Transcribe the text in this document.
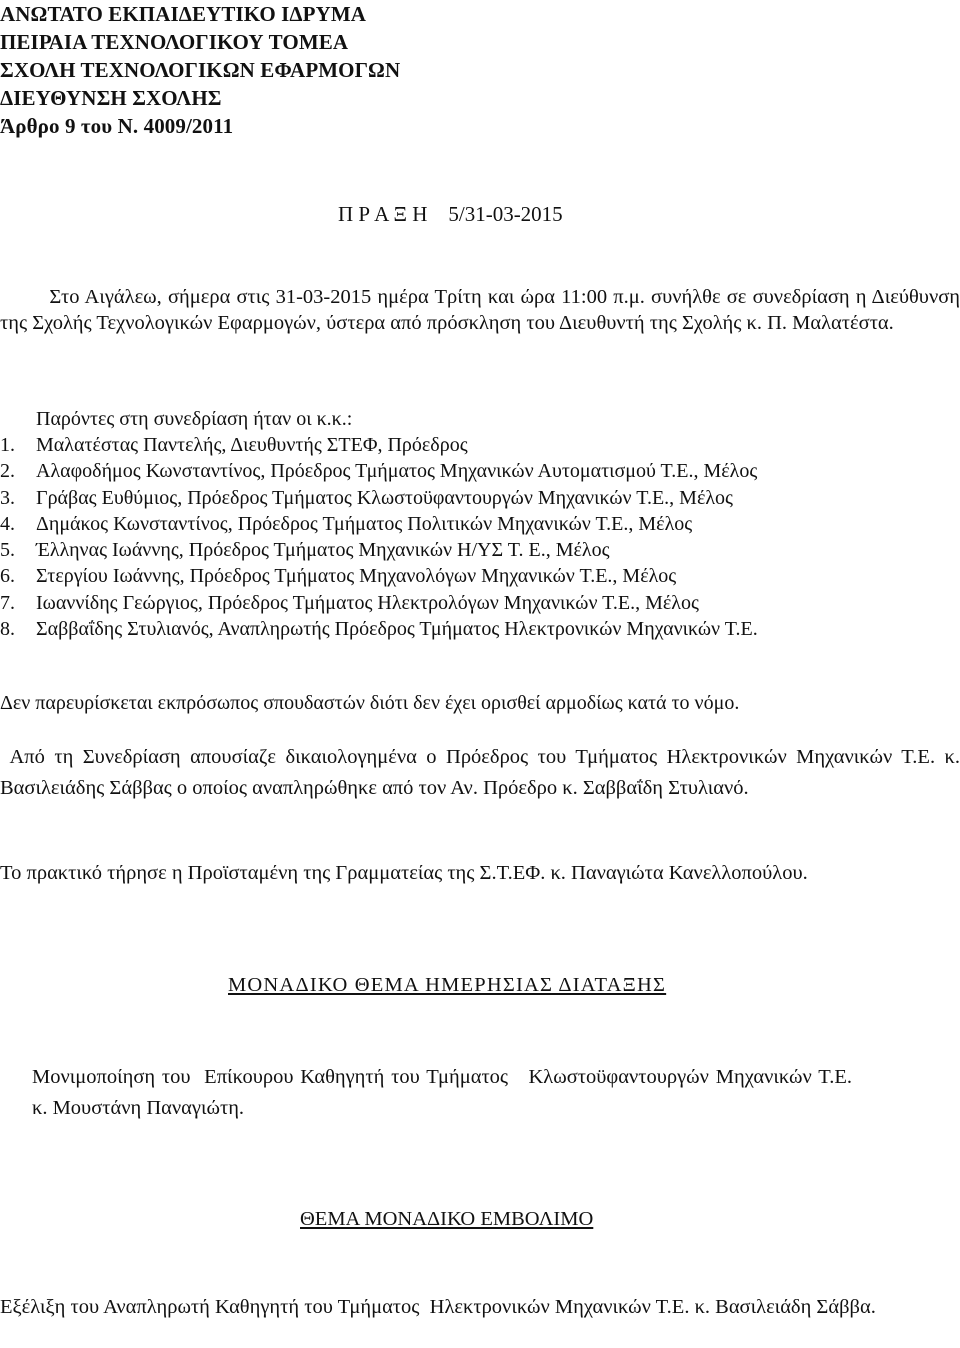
ΑΝΩΤΑΤΟ ΕΚΠΑΙΔΕΥΤΙΚΟ ΙΔΡΥΜΑ
ΠΕΙΡΑΙΑ ΤΕΧΝΟΛΟΓΙΚΟΥ ΤΟΜΕΑ
ΣΧΟΛΗ ΤΕΧΝΟΛΟΓΙΚΩΝ ΕΦΑΡΜΟΓΩΝ
ΔΙΕΥΘΥΝΣΗ ΣΧΟΛΗΣ
Άρθρο 9 του Ν. 4009/2011
Π Ρ Α Ξ Η    5/31-03-2015
Στο Αιγάλεω, σήμερα στις 31-03-2015 ημέρα Τρίτη και ώρα 11:00 π.μ. συνήλθε σε συνεδρίαση η Διεύθυνση της Σχολής Τεχνολογικών Εφαρμογών, ύστερα από πρόσκληση του Διευθυντή της Σχολής κ. Π. Μαλατέστα.
Παρόντες στη συνεδρίαση ήταν οι κ.κ.:
1.	Μαλατέστας Παντελής, Διευθυντής ΣΤΕΦ, Πρόεδρος
2.	Αλαφοδήμος Κωνσταντίνος, Πρόεδρος Τμήματος Μηχανικών Αυτοματισμού Τ.Ε., Μέλος
3.	Γράβας Ευθύμιος, Πρόεδρος Τμήματος Κλωστοϋφαντουργών Μηχανικών Τ.Ε., Μέλος
4.	Δημάκος Κωνσταντίνος, Πρόεδρος Τμήματος Πολιτικών Μηχανικών Τ.Ε., Μέλος
5.	Έλληνας Ιωάννης, Πρόεδρος Τμήματος Μηχανικών Η/ΥΣ Τ. Ε., Μέλος
6.	Στεργίου Ιωάννης, Πρόεδρος Τμήματος Μηχανολόγων Μηχανικών Τ.Ε., Μέλος
7.	Ιωαννίδης Γεώργιος, Πρόεδρος Τμήματος Ηλεκτρολόγων Μηχανικών Τ.Ε., Μέλος
8.	Σαββαΐδης Στυλιανός, Αναπληρωτής Πρόεδρος Τμήματος Ηλεκτρονικών Μηχανικών Τ.Ε.
Δεν παρευρίσκεται εκπρόσωπος σπουδαστών διότι δεν έχει ορισθεί αρμοδίως κατά το νόμο.
Από τη Συνεδρίαση απουσίαζε δικαιολογημένα ο Πρόεδρος του Τμήματος Ηλεκτρονικών Μηχανικών Τ.Ε. κ. Βασιλειάδης Σάββας ο οποίος αναπληρώθηκε από τον Αν. Πρόεδρο κ. Σαββαΐδη Στυλιανό.
Το πρακτικό τήρησε η Προϊσταμένη της Γραμματείας της Σ.Τ.ΕΦ. κ. Παναγιώτα Κανελλοπούλου.
ΜΟΝΑΔΙΚΟ ΘΕΜΑ ΗΜΕΡΗΣΙΑΣ ΔΙΑΤΑΞΗΣ
Μονιμοποίηση του  Επίκουρου Καθηγητή του Τμήματος   Κλωστοϋφαντουργών Μηχανικών Τ.Ε. κ. Μουστάνη Παναγιώτη.
ΘΕΜΑ ΜΟΝΑΔΙΚΟ ΕΜΒΟΛΙΜΟ
Εξέλιξη του Αναπληρωτή Καθηγητή του Τμήματος  Ηλεκτρονικών Μηχανικών Τ.Ε. κ. Βασιλειάδη Σάββα.
